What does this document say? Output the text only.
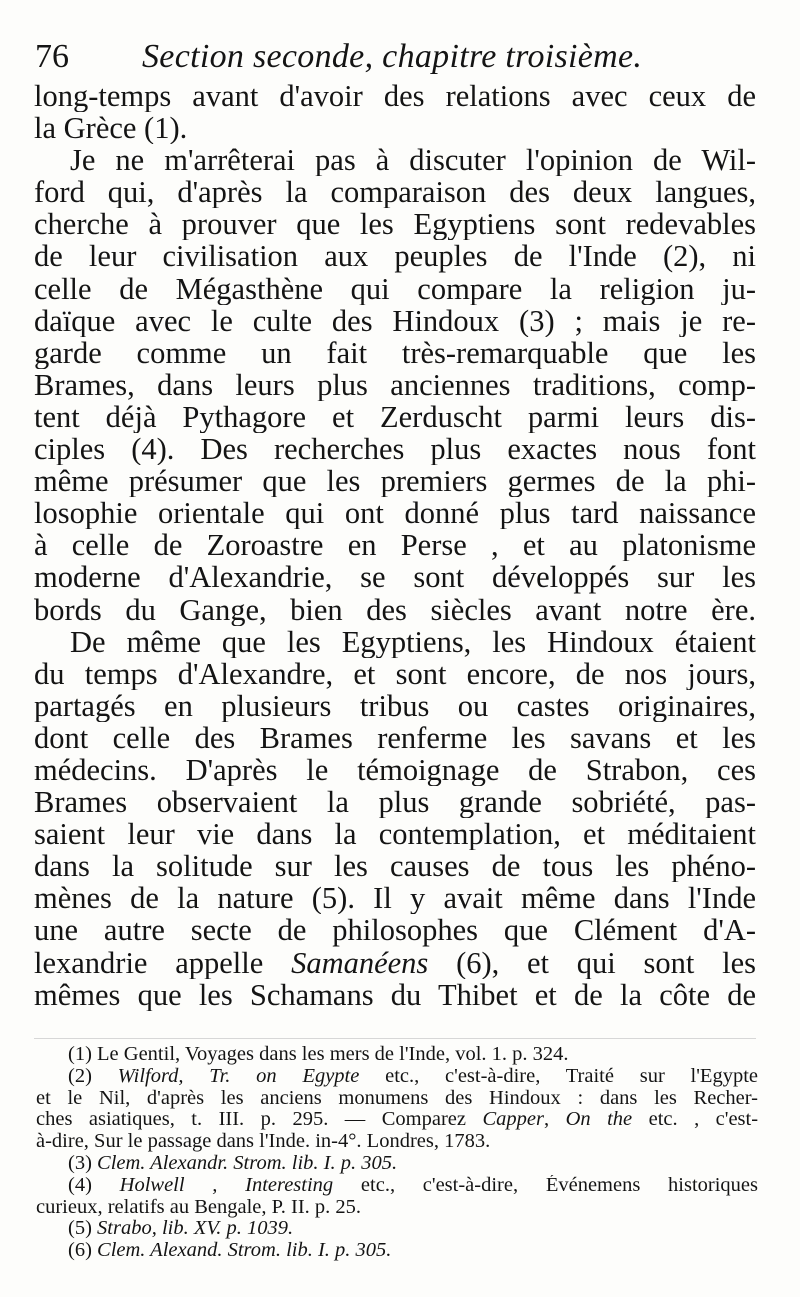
76 Section seconde, chapitre troisième.
long-temps avant d'avoir des relations avec ceux de
la Grèce (1).
Je ne m'arrêterai pas à discuter l'opinion de Wil-
ford qui, d'après la comparaison des deux langues,
cherche à prouver que les Egyptiens sont redevables
de leur civilisation aux peuples de l'Inde (2), ni
celle de Mégasthène qui compare la religion ju-
daïque avec le culte des Hindoux (3) ; mais je re-
garde comme un fait très-remarquable que les
Brames, dans leurs plus anciennes traditions, comp-
tent déjà Pythagore et Zerduscht parmi leurs dis-
ciples (4). Des recherches plus exactes nous font
même présumer que les premiers germes de la phi-
losophie orientale qui ont donné plus tard naissance
à celle de Zoroastre en Perse , et au platonisme
moderne d'Alexandrie, se sont développés sur les
bords du Gange, bien des siècles avant notre ère.
De même que les Egyptiens, les Hindoux étaient
du temps d'Alexandre, et sont encore, de nos jours,
partagés en plusieurs tribus ou castes originaires,
dont celle des Brames renferme les savans et les
médecins. D'après le témoignage de Strabon, ces
Brames observaient la plus grande sobriété, pas-
saient leur vie dans la contemplation, et méditaient
dans la solitude sur les causes de tous les phéno-
mènes de la nature (5). Il y avait même dans l'Inde
une autre secte de philosophes que Clément d'A-
lexandrie appelle Samanéens (6), et qui sont les
mêmes que les Schamans du Thibet et de la côte de
(1) Le Gentil, Voyages dans les mers de l'Inde, vol. 1. p. 324.
(2) Wilford, Tr. on Egypte etc., c'est-à-dire, Traité sur l'Egypte
et le Nil, d'après les anciens monumens des Hindoux : dans les Recher-
ches asiatiques, t. III. p. 295. — Comparez Capper, On the etc. , c'est-
à-dire, Sur le passage dans l'Inde. in-4°. Londres, 1783.
(3) Clem. Alexandr. Strom. lib. I. p. 305.
(4) Holwell , Interesting etc., c'est-à-dire, Événemens historiques
curieux, relatifs au Bengale, P. II. p. 25.
(5) Strabo, lib. XV. p. 1039.
(6) Clem. Alexand. Strom. lib. I. p. 305.
